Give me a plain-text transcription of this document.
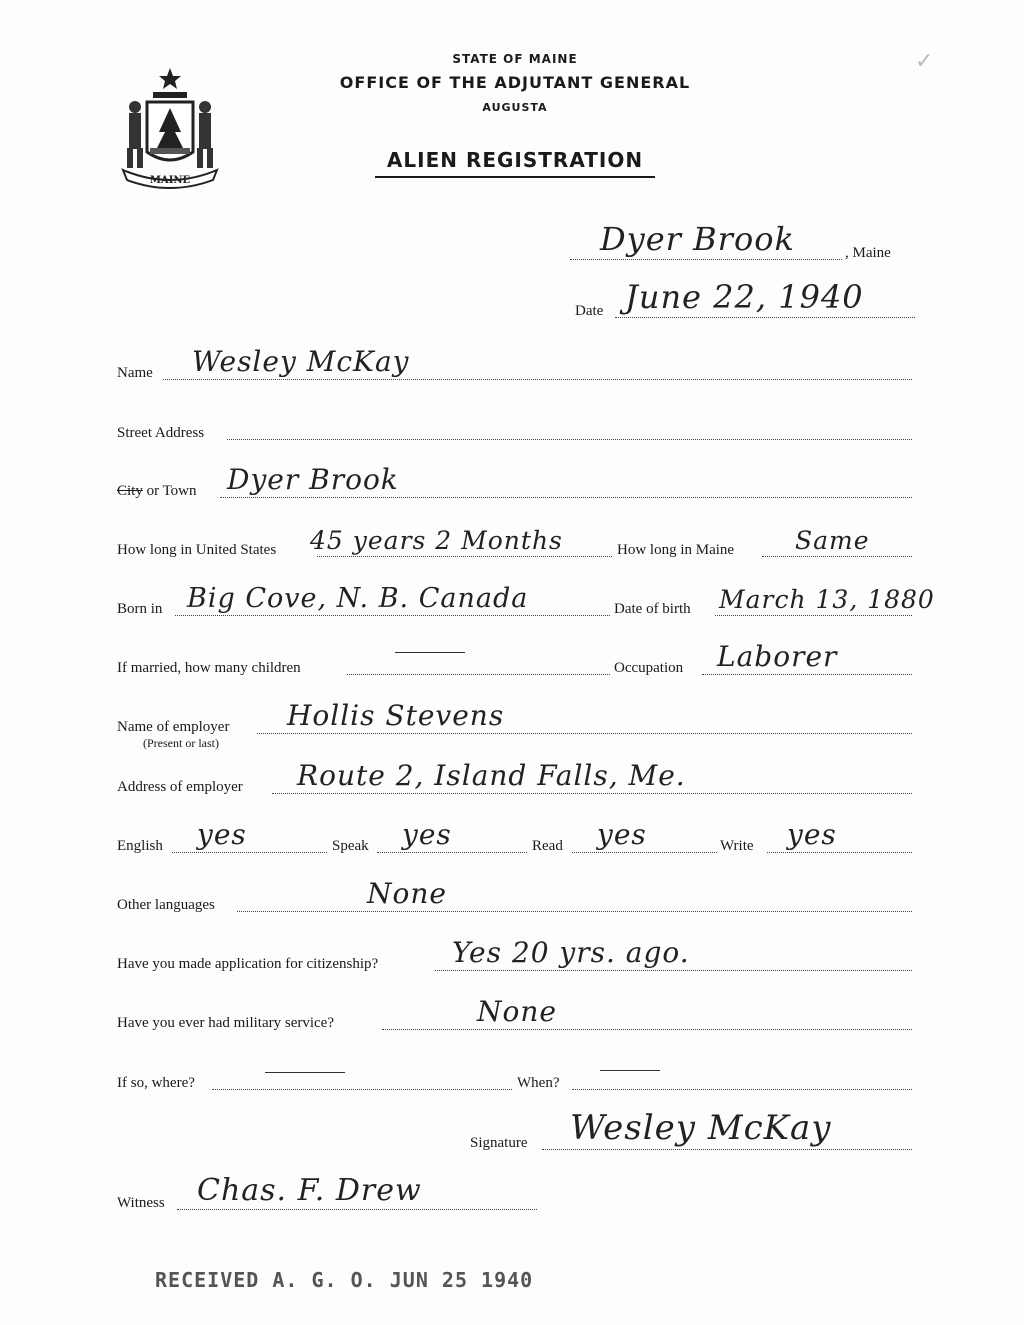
MAINE
STATE OF MAINE
OFFICE OF THE ADJUTANT GENERAL
AUGUSTA
ALIEN REGISTRATION
✓
Dyer Brook	, Maine
Date June 22, 1940
Name Wesley McKay
Street Address
City or Town Dyer Brook
How long in United States 45 years 2 Months	How long in Maine Same
Born in Big Cove, N. B. Canada	Date of birth March 13, 1880
If married, how many children	Occupation Laborer
Name of employer Hollis Stevens
(Present or last)
Address of employer Route 2, Island Falls, Me.
English yes	Speak yes	Read yes	Write yes
Other languages	None
Have you made application for citizenship?	Yes 20 yrs. ago.
Have you ever had military service?	None
If so, where?	When?
Signature Wesley McKay
Witness Chas. F. Drew
RECEIVED A. G. O. JUN 25 1940
